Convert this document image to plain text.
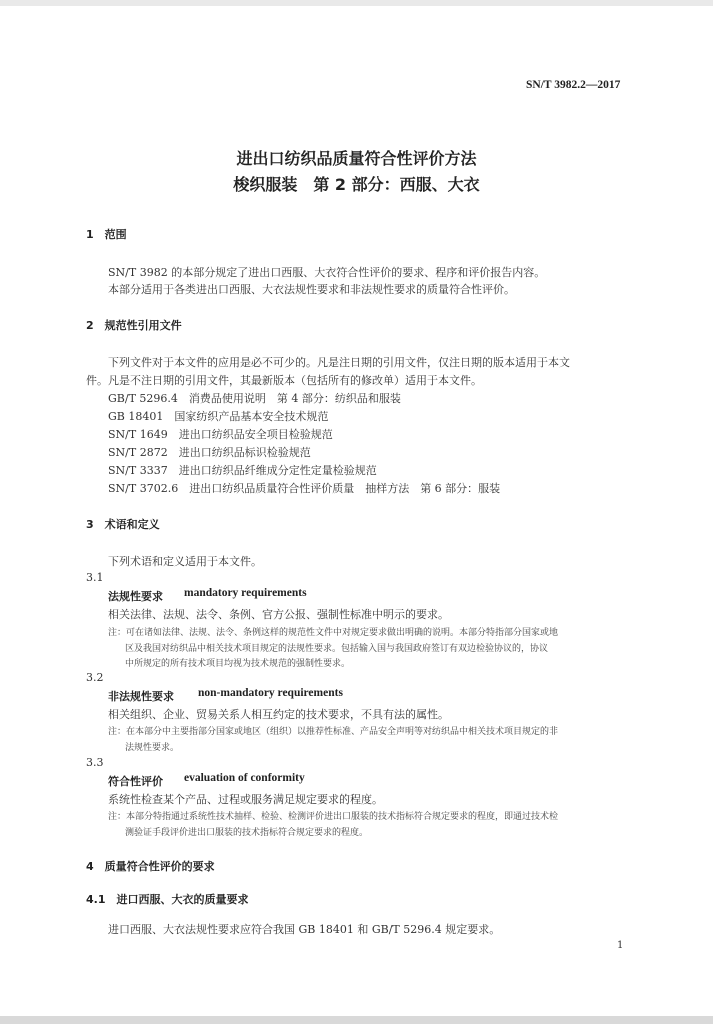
SN/T 3982.2—2017
进出口纺织品质量符合性评价方法
梭织服装　第 2 部分：西服、大衣
1　范围
SN/T 3982 的本部分规定了进出口西服、大衣符合性评价的要求、程序和评价报告内容。
本部分适用于各类进出口西服、大衣法规性要求和非法规性要求的质量符合性评价。
2　规范性引用文件
下列文件对于本文件的应用是必不可少的。凡是注日期的引用文件，仅注日期的版本适用于本文
件。凡是不注日期的引用文件，其最新版本（包括所有的修改单）适用于本文件。
GB/T 5296.4　消费品使用说明　第 4 部分：纺织品和服装
GB 18401　国家纺织产品基本安全技术规范
SN/T 1649　进出口纺织品安全项目检验规范
SN/T 2872　进出口纺织品标识检验规范
SN/T 3337　进出口纺织品纤维成分定性定量检验规范
SN/T 3702.6　进出口纺织品质量符合性评价质量　抽样方法　第 6 部分：服装
3　术语和定义
下列术语和定义适用于本文件。
3.1
法规性要求 mandatory requirements
相关法律、法规、法令、条例、官方公报、强制性标准中明示的要求。
注：可在诸如法律、法规、法令、条例这样的规范性文件中对规定要求做出明确的说明。本部分特指部分国家或地
区及我国对纺织品中相关技术项目规定的法规性要求。包括输入国与我国政府签订有双边检验协议的，协议
中所规定的所有技术项目均视为技术规范的强制性要求。
3.2
非法规性要求 non-mandatory requirements
相关组织、企业、贸易关系人相互约定的技术要求，不具有法的属性。
注：在本部分中主要指部分国家或地区（组织）以推荐性标准、产品安全声明等对纺织品中相关技术项目规定的非
法规性要求。
3.3
符合性评价 evaluation of conformity
系统性检查某个产品、过程或服务满足规定要求的程度。
注：本部分特指通过系统性技术抽样、检验、检测评价进出口服装的技术指标符合规定要求的程度，即通过技术检
测验证手段评价进出口服装的技术指标符合规定要求的程度。
4　质量符合性评价的要求
4.1　进口西服、大衣的质量要求
进口西服、大衣法规性要求应符合我国 GB 18401 和 GB/T 5296.4 规定要求。
1
